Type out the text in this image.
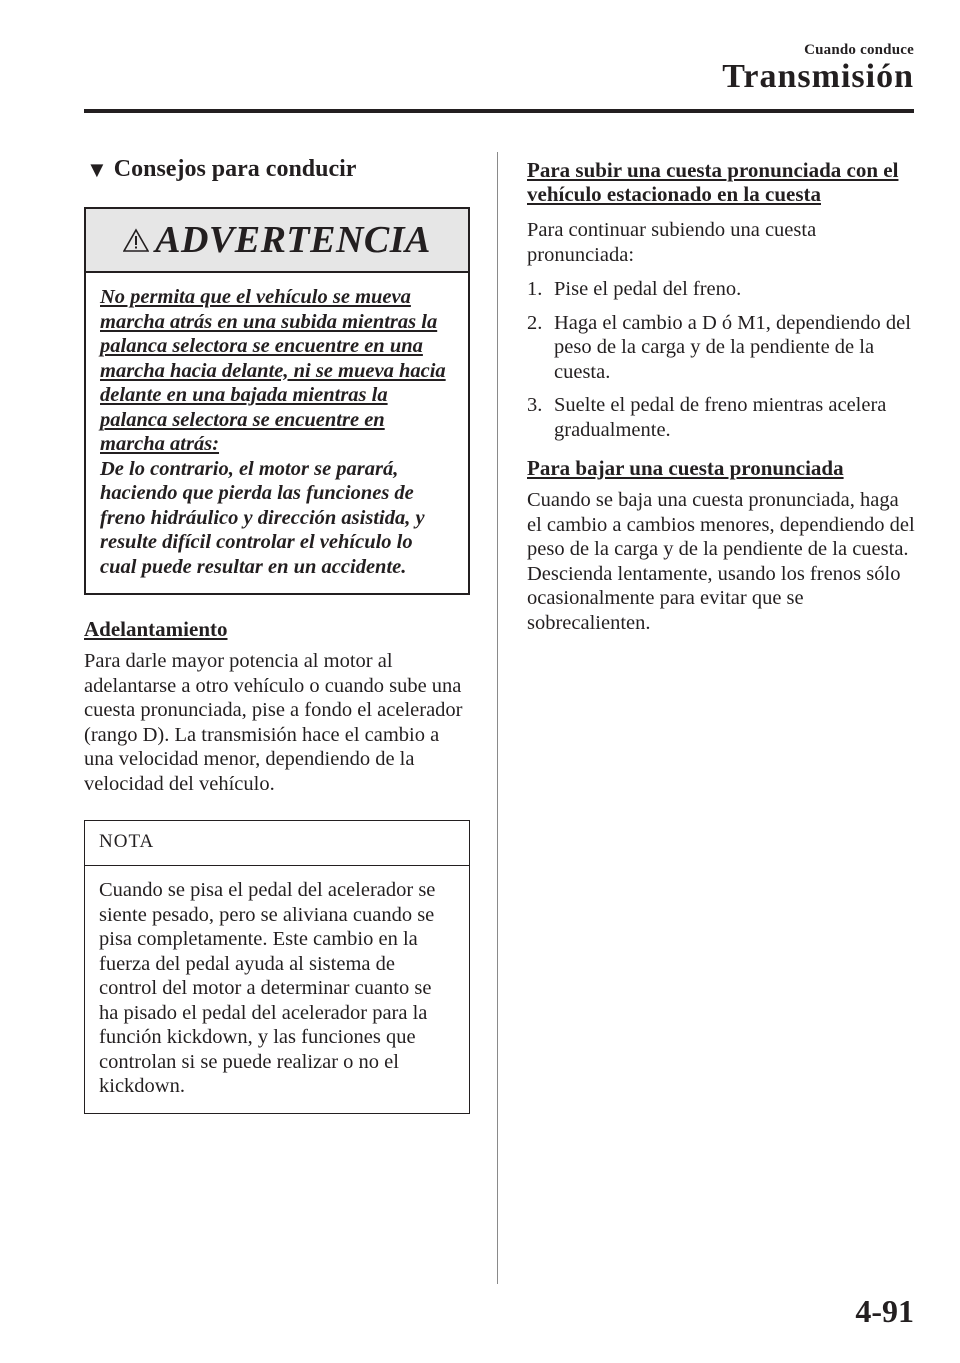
Cuando conduce
Transmisión
▼ Consejos para conducir
ADVERTENCIA
No permita que el vehículo se mueva marcha atrás en una subida mientras la palanca selectora se encuentre en una marcha hacia delante, ni se mueva hacia delante en una bajada mientras la palanca selectora se encuentre en marcha atrás:
De lo contrario, el motor se parará, haciendo que pierda las funciones de freno hidráulico y dirección asistida, y resulte difícil controlar el vehículo lo cual puede resultar en un accidente.
Adelantamiento
Para darle mayor potencia al motor al adelantarse a otro vehículo o cuando sube una cuesta pronunciada, pise a fondo el acelerador (rango D). La transmisión hace el cambio a una velocidad menor, dependiendo de la velocidad del vehículo.
NOTA
Cuando se pisa el pedal del acelerador se siente pesado, pero se aliviana cuando se pisa completamente. Este cambio en la fuerza del pedal ayuda al sistema de control del motor a determinar cuanto se ha pisado el pedal del acelerador para la función kickdown, y las funciones que controlan si se puede realizar o no el kickdown.
Para subir una cuesta pronunciada con el vehículo estacionado en la cuesta
Para continuar subiendo una cuesta pronunciada:
1. Pise el pedal del freno.
2. Haga el cambio a D ó M1, dependiendo del peso de la carga y de la pendiente de la cuesta.
3. Suelte el pedal de freno mientras acelera gradualmente.
Para bajar una cuesta pronunciada
Cuando se baja una cuesta pronunciada, haga el cambio a cambios menores, dependiendo del peso de la carga y de la pendiente de la cuesta. Descienda lentamente, usando los frenos sólo ocasionalmente para evitar que se sobrecalienten.
4-91
